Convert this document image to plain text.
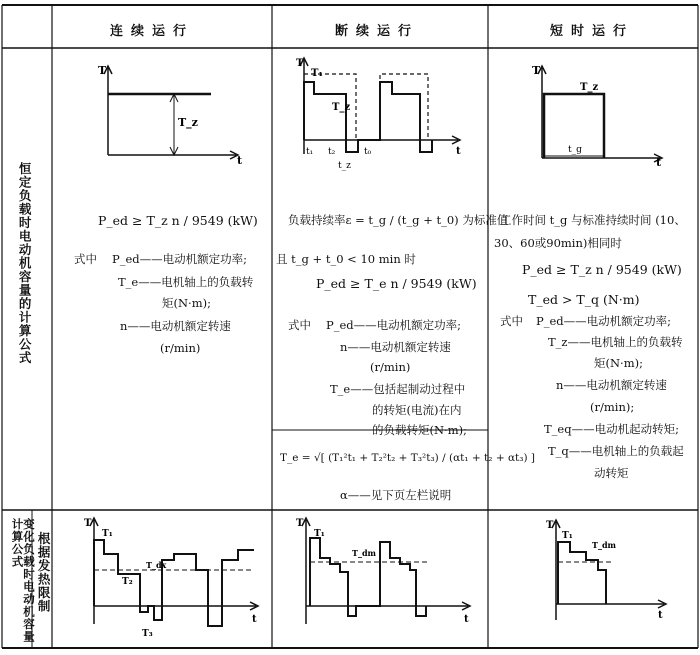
连续运行	断续运行	短时运行
恒定负载时电动机容量的计算公式
变化负载时电动机容量计算公式 根据发热限制
T
t
T_z
P_ed ≥ T_z n / 9549 (kW)
式中 P_ed——电动机额定功率;
T_e——电机轴上的负载转
矩(N·m);
n——电动机额定转速
(r/min)
T₁
T_z
T
t
t₁ t₂
t_z
t₀
负载持续率ε = t_g / (t_g + t_0) 为标准值
且 t_g + t_0 < 10 min 时
P_ed ≥ T_e n / 9549 (kW)
式中 P_ed——电动机额定功率;
n——电动机额定转速
(r/min)
T_e——包括起制动过程中
的转矩(电流)在内
的负载转矩(N·m);
T_e = √[ (T₁²t₁ + T₂²t₂ + T₃²t₃) / (αt₁ + t₂ + αt₃) ]
α——见下页左栏说明
T
t
T_z
t_g
工作时间 t_g 与标准持续时间 (10、
30、60或90min)相同时
P_ed ≥ T_z n / 9549 (kW)
T_ed > T_q (N·m)
式中 P_ed——电动机额定功率;
T_z——电机轴上的负载转
矩(N·m);
n——电动机额定转速
(r/min);
T_eq——电动机起动转矩;
T_q——电机轴上的负载起
动转矩
T
t
T₁
T₂
T₃
T_dx
T
t
T₁
T_dm
T
t
T₁
T_dm
